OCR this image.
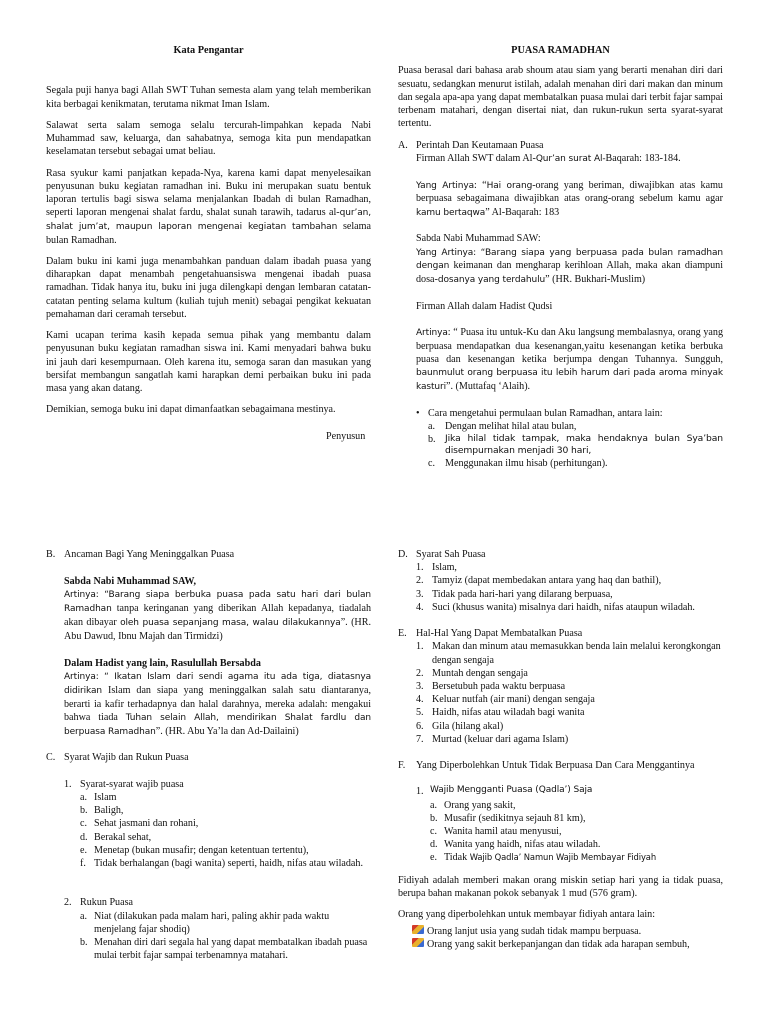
Kata Pengantar

Segala puji hanya bagi Allah SWT Tuhan semesta alam yang telah memberikan kita berbagai kenikmatan, terutama nikmat Iman Islam.

Salawat serta salam semoga selalu tercurah-limpahkan kepada Nabi Muhammad saw, keluarga, dan sahabatnya, semoga kita pun mendapatkan keselamatan tersebut sebagai umat beliau.

Rasa syukur kami panjatkan kepada-Nya, karena kami dapat menyelesaikan penyusunan buku kegiatan ramadhan ini. Buku ini merupakan suatu bentuk laporan tertulis bagi siswa selama menjalankan Ibadah di bulan Ramadhan, seperti laporan mengenai shalat fardu, shalat sunah tarawih, tadarus al-qur’an, shalat jum’at, maupun laporan mengenai kegiatan tambahan selama bulan Ramadhan.

Dalam buku ini kami juga menambahkan panduan dalam ibadah puasa yang diharapkan dapat menambah pengetahuansiswa mengenai ibadah puasa ramadhan. Tidak hanya itu, buku ini juga dilengkapi dengan lembaran catatan-catatan penting selama kultum (kuliah tujuh menit) sebagai pengikat kekuatan pemahaman dari ceramah tersebut.

Kami ucapan terima kasih kepada semua pihak yang membantu dalam penyusunan buku kegiatan ramadhan siswa ini. Kami menyadari bahwa buku ini jauh dari kesempurnaan. Oleh karena itu, semoga saran dan masukan yang bersifat membangun sangatlah kami harapkan demi perbaikan buku ini pada masa yang akan datang.

Demikian, semoga buku ini dapat dimanfaatkan sebagaimana mestinya.

Penyusun

PUASA RAMADHAN

Puasa berasal dari bahasa arab shoum atau siam yang berarti menahan diri dari sesuatu, sedangkan menurut istilah, adalah menahan diri dari makan dan minum dan segala apa-apa yang dapat membatalkan puasa mulai dari terbit fajar sampai terbenam matahari, dengan disertai niat, dan rukun-rukun serta syarat-syarat tertentu.

A. Perintah Dan Keutamaan Puasa

Firman Allah SWT dalam Al-Qur’an surat Al-Baqarah: 183-184.

Yang Artinya: “Hai orang-orang yang beriman, diwajibkan atas kamu berpuasa sebagaimana diwajibkan atas orang-orang sebelum kamu agar kamu bertaqwa” Al-Baqarah: 183

Sabda Nabi Muhammad SAW:

Yang Artinya: “Barang siapa yang berpuasa pada bulan ramadhan dengan keimanan dan mengharap kerihloan Allah, maka akan diampuni dosa-dosanya yang terdahulu” (HR. Bukhari-Muslim)

Firman Allah dalam Hadist Qudsi

Artinya: “ Puasa itu untuk-Ku dan Aku langsung membalasnya, orang yang berpuasa mendapatkan dua kesenangan,yaitu kesenangan ketika berbuka puasa dan kesenangan ketika berjumpa dengan Tuhannya. Sungguh, baunmulut orang berpuasa itu lebih harum dari pada aroma minyak kasturi”. (Muttafaq ‘Alaih).

• Cara mengetahui permulaan bulan Ramadhan, antara lain:
a. Dengan melihat hilal atau bulan,
b.	Jika hilal tidak tampak, maka hendaknya bulan Sya’ban disempurnakan menjadi 30 hari,
c. Menggunakan ilmu hisab (perhitungan).
B. Ancaman Bagi Yang Meninggalkan Puasa

Sabda Nabi Muhammad SAW,

Artinya: “Barang siapa berbuka puasa pada satu hari dari bulan Ramadhan tanpa keringanan yang diberikan Allah kepadanya, tiadalah akan dibayar oleh puasa sepanjang masa, walau dilakukannya”. (HR. Abu Dawud, Ibnu Majah dan Tirmidzi)

Dalam Hadist yang lain, Rasulullah Bersabda

Artinya: “ Ikatan Islam dari sendi agama itu ada tiga, diatasnya didirikan Islam dan siapa yang meninggalkan salah satu diantaranya, berarti ia kafir terhadapnya dan halal darahnya, mereka adalah: mengakui bahwa tiada Tuhan selain Allah, mendirikan Shalat fardlu dan berpuasa Ramadhan”. (HR. Abu Ya’la dan Ad-Dailaini)

C. Syarat Wajib dan Rukun Puasa
1. Syarat-syarat wajib puasa
a. Islam
b. Baligh,
c. Sehat jasmani dan rohani,
d. Berakal sehat,
e. Menetap (bukan musafir; dengan ketentuan tertentu),
f. Tidak berhalangan (bagi wanita) seperti, haidh, nifas atau wiladah.
2. Rukun Puasa
a. Niat (dilakukan pada malam hari, paling akhir pada waktu menjelang fajar shodiq)
b. Menahan diri dari segala hal yang dapat membatalkan ibadah puasa mulai terbit fajar sampai terbenamnya matahari.
D. Syarat Sah Puasa
1. Islam,
2. Tamyiz (dapat membedakan antara yang haq dan bathil),
3. Tidak pada hari-hari yang dilarang berpuasa,
4. Suci (khusus wanita) misalnya dari haidh, nifas ataupun wiladah.
E. Hal-Hal Yang Dapat Membatalkan Puasa
1. Makan dan minum atau memasukkan benda lain melalui kerongkongan dengan sengaja
2. Muntah dengan sengaja
3. Bersetubuh pada waktu berpuasa
4. Keluar nutfah (air mani) dengan sengaja
5. Haidh, nifas atau wiladah bagi wanita
6. Gila (hilang akal)
7. Murtad (keluar dari agama Islam)
F.	Yang Diperbolehkan Untuk Tidak Berpuasa Dan Cara Menggantinya
1. Wajib Mengganti Puasa (Qadla’) Saja
a. Orang yang sakit,
b. Musafir (sedikitnya sejauh 81 km),
c. Wanita hamil atau menyusui,
d. Wanita yang haidh, nifas atau wiladah.
e. Tidak Wajib Qadla’ Namun Wajib Membayar Fidiyah

Fidiyah adalah memberi makan orang miskin setiap hari yang ia tidak puasa, berupa bahan makanan pokok sebanyak 1 mud (576 gram).

Orang yang diperbolehkan untuk membayar fidiyah antara lain:

Orang lanjut usia yang sudah tidak mampu berpuasa.
Orang yang sakit berkepanjangan dan tidak ada harapan sembuh,
